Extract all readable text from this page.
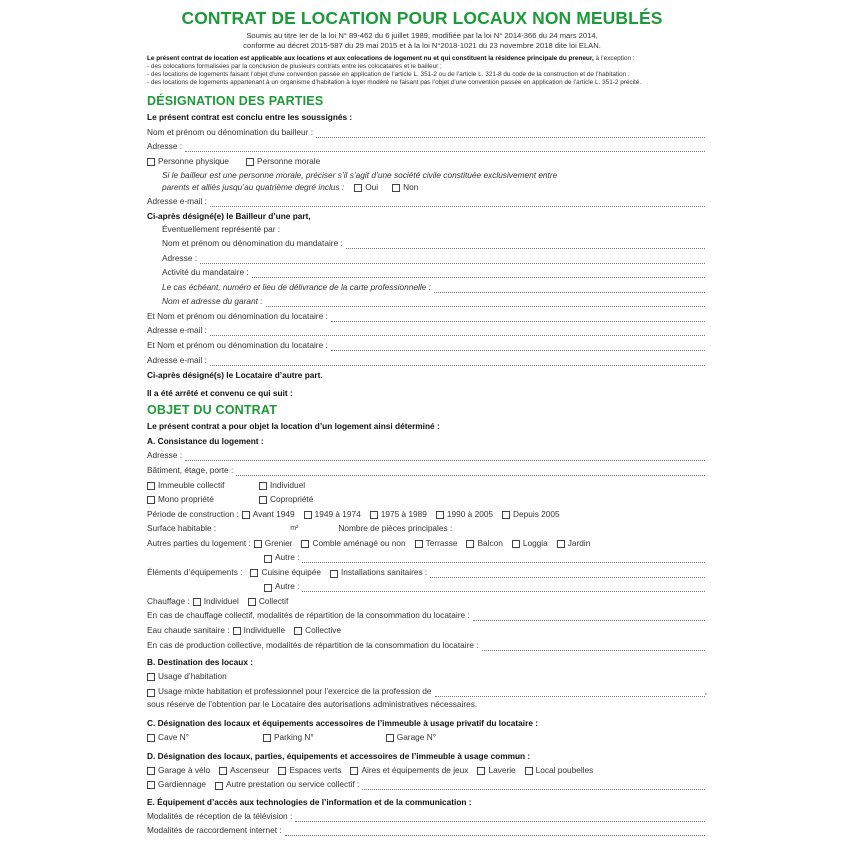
CONTRAT DE LOCATION POUR LOCAUX NON MEUBLÉS
Soumis au titre Ier de la loi N° 89-462 du 6 juillet 1989, modifiée par la loi N° 2014-366 du 24 mars 2014,
conforme au décret 2015-587 du 29 mai 2015 et à la loi N°2018-1021 du 23 novembre 2018 dite loi ELAN.
Le présent contrat de location est applicable aux locations et aux colocations de logement nu et qui constituent la résidence principale du preneur, à l’exception :
- des colocations formalisées par la conclusion de plusieurs contrats entre les colocataires et le bailleur ;
- des locations de logements faisant l’objet d’une convention passée en application de l’article L. 351-2 ou de l’article L. 321-8 du code de la construction et de l’habitation ;
- des locations de logements appartenant à un organisme d’habitation à loyer modéré ne faisant pas l’objet d’une convention passée en application de l’article L. 351-2 précité.
DÉSIGNATION DES PARTIES
Le présent contrat est conclu entre les soussignés :
Nom et prénom ou dénomination du bailleur :
Adresse :
Personne physique	Personne morale
Si le bailleur est une personne morale, préciser s’il s’agit d’une société civile constituée exclusivement entre
parents et alliés jusqu’au quatrième degré inclus :	Oui	Non
Adresse e-mail :
Ci-après désigné(e) le Bailleur d’une part,
Éventuellement représenté par :
Nom et prénom ou dénomination du mandataire :
Adresse :
Activité du mandataire :
Le cas échéant, numéro et lieu de délivrance de la carte professionnelle :
Nom et adresse du garant :
Et Nom et prénom ou dénomination du locataire :
Adresse e-mail :
Et Nom et prénom ou dénomination du locataire :
Adresse e-mail :
Ci-après désigné(s) le Locataire d’autre part.
Il a été arrêté et convenu ce qui suit :
OBJET DU CONTRAT
Le présent contrat a pour objet la location d’un logement ainsi déterminé :
A. Consistance du logement :
Adresse :
Bâtiment, étage, porte :
Immeuble collectif	Individuel
Mono propriété	Copropriété
Période de construction : Avant 1949 1949 à 1974 1975 à 1989 1990 à 2005 Depuis 2005
Surface habitable :	m²	Nombre de pièces principales :
Autres parties du logement : Grenier Comble aménagé ou non Terrasse Balcon Loggia Jardin
Autre :
Éléments d’équipements : Cuisine équipée Installations sanitaires :
Autre :
Chauffage : Individuel Collectif
En cas de chauffage collectif, modalités de répartition de la consommation du locataire :
Eau chaude sanitaire : Individuelle Collective
En cas de production collective, modalités de répartition de la consommation du locataire :
B. Destination des locaux :
Usage d’habitation
Usage mixte habitation et professionnel pour l’exercice de la profession de	,
sous réserve de l’obtention par le Locataire des autorisations administratives nécessaires.
C. Désignation des locaux et équipements accessoires de l’immeuble à usage privatif du locataire :
Cave N°	Parking N°	Garage N°
D. Désignation des locaux, parties, équipements et accessoires de l’immeuble à usage commun :
Garage à vélo Ascenseur Espaces verts Aires et équipements de jeux Laverie Local poubelles
Gardiennage Autre prestation ou service collectif :
E. Équipement d’accès aux technologies de l’information et de la communication :
Modalités de réception de la télévision :
Modalités de raccordement internet :
